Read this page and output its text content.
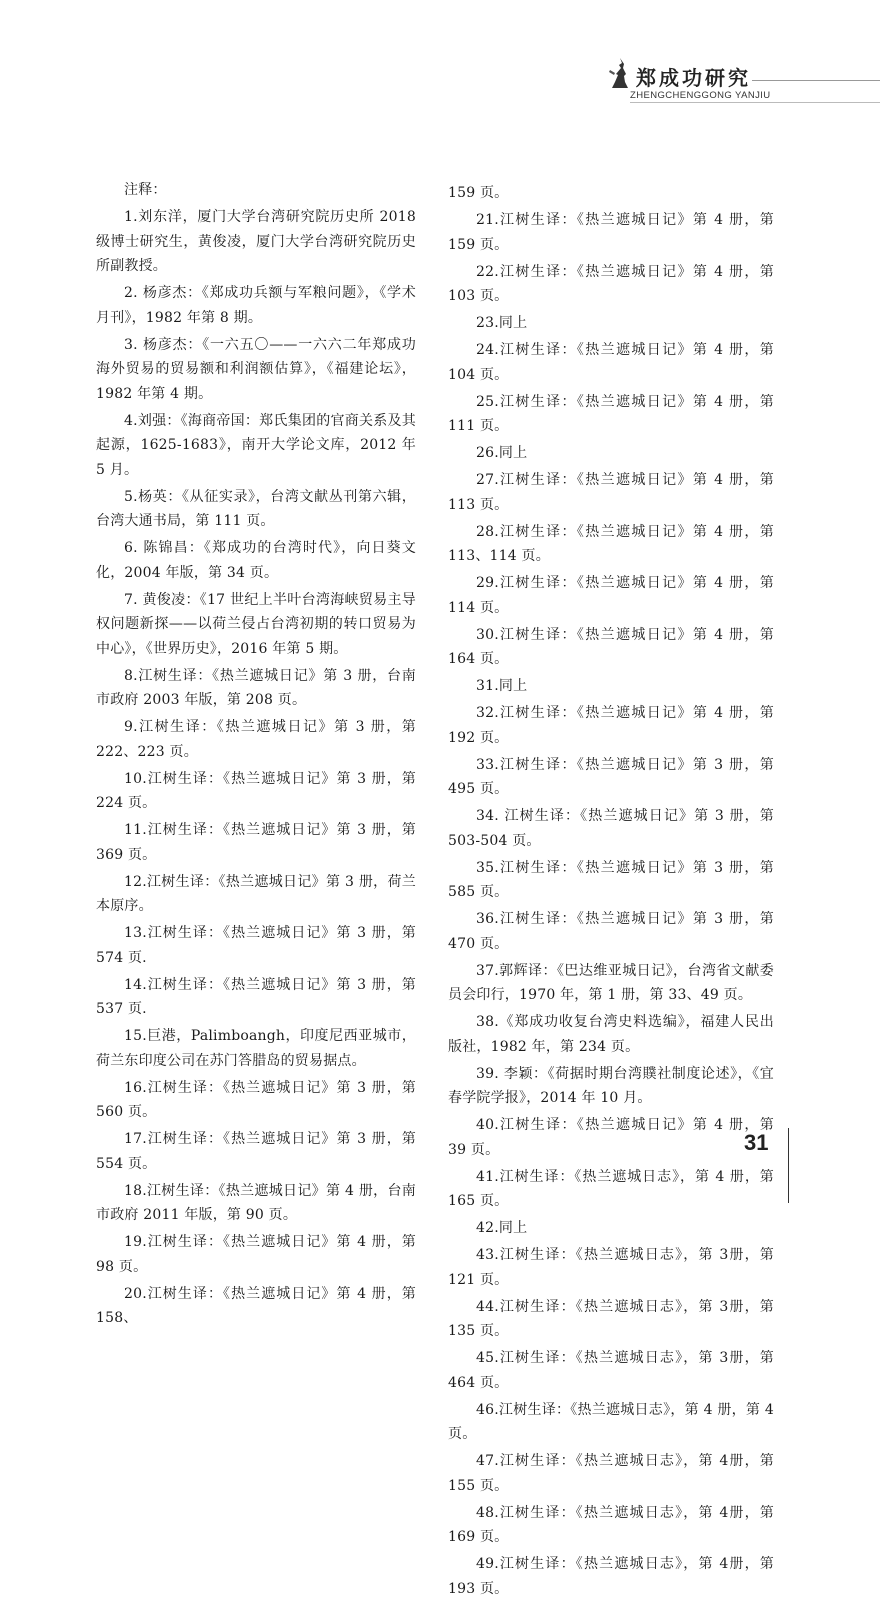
郑成功研究
ZHENGCHENGGONG YANJIU

注释：

1.刘东洋，厦门大学台湾研究院历史所 2018 级博士研究生，黄俊凌，厦门大学台湾研究院历史所副教授。

2. 杨彦杰：《郑成功兵额与军粮问题》，《学术月刊》，1982 年第 8 期。

3. 杨彦杰：《一六五〇——一六六二年郑成功海外贸易的贸易额和利润额估算》，《福建论坛》，1982 年第 4 期。

4.刘强：《海商帝国：郑氏集团的官商关系及其起源，1625-1683》，南开大学论文库，2012 年 5 月。

5.杨英：《从征实录》，台湾文献丛刊第六辑，台湾大通书局，第 111 页。

6. 陈锦昌：《郑成功的台湾时代》，向日葵文化，2004 年版，第 34 页。

7. 黄俊凌：《17 世纪上半叶台湾海峡贸易主导权问题新探——以荷兰侵占台湾初期的转口贸易为中心》，《世界历史》，2016 年第 5 期。

8.江树生译：《热兰遮城日记》第 3 册，台南市政府 2003 年版，第 208 页。

9.江树生译：《热兰遮城日记》第 3 册，第 222、223 页。

10.江树生译：《热兰遮城日记》第 3 册，第 224 页。

11.江树生译：《热兰遮城日记》第 3 册，第 369 页。

12.江树生译：《热兰遮城日记》第 3 册，荷兰本原序。

13.江树生译：《热兰遮城日记》第 3 册，第 574 页.

14.江树生译：《热兰遮城日记》第 3 册，第 537 页.

15.巨港，Palimboangh，印度尼西亚城市，荷兰东印度公司在苏门答腊岛的贸易据点。

16.江树生译：《热兰遮城日记》第 3 册，第 560 页。

17.江树生译：《热兰遮城日记》第 3 册，第 554 页。

18.江树生译：《热兰遮城日记》第 4 册，台南市政府 2011 年版，第 90 页。

19.江树生译：《热兰遮城日记》第 4 册，第 98 页。

20.江树生译：《热兰遮城日记》第 4 册，第 158、

159 页。

21.江树生译：《热兰遮城日记》第 4 册，第 159 页。

22.江树生译：《热兰遮城日记》第 4 册，第 103 页。

23.同上

24.江树生译：《热兰遮城日记》第 4 册，第 104 页。

25.江树生译：《热兰遮城日记》第 4 册，第 111 页。

26.同上

27.江树生译：《热兰遮城日记》第 4 册，第 113 页。

28.江树生译：《热兰遮城日记》第 4 册，第 113、114 页。

29.江树生译：《热兰遮城日记》第 4 册，第 114 页。

30.江树生译：《热兰遮城日记》第 4 册，第 164 页。

31.同上

32.江树生译：《热兰遮城日记》第 4 册，第 192 页。

33.江树生译：《热兰遮城日记》第 3 册，第 495 页。

34. 江树生译：《热兰遮城日记》第 3 册，第 503-504 页。

35.江树生译：《热兰遮城日记》第 3 册，第 585 页。

36.江树生译：《热兰遮城日记》第 3 册，第 470 页。

37.郭辉译：《巴达维亚城日记》，台湾省文献委员会印行，1970 年，第 1 册，第 33、49 页。

38.《郑成功收复台湾史料选编》，福建人民出版社，1982 年，第 234 页。

39. 李颖：《荷据时期台湾贌社制度论述》，《宜春学院学报》，2014 年 10 月。

40.江树生译：《热兰遮城日记》第 4 册，第 39 页。

41.江树生译：《热兰遮城日志》，第 4 册，第 165 页。

42.同上

43.江树生译：《热兰遮城日志》，第 3册，第 121 页。

44.江树生译：《热兰遮城日志》，第 3册，第 135 页。

45.江树生译：《热兰遮城日志》，第 3册，第 464 页。

46.江树生译：《热兰遮城日志》，第 4 册，第 4 页。

47.江树生译：《热兰遮城日志》，第 4册，第 155 页。

48.江树生译：《热兰遮城日志》，第 4册，第 169 页。

49.江树生译：《热兰遮城日志》，第 4册，第 193 页。

31
